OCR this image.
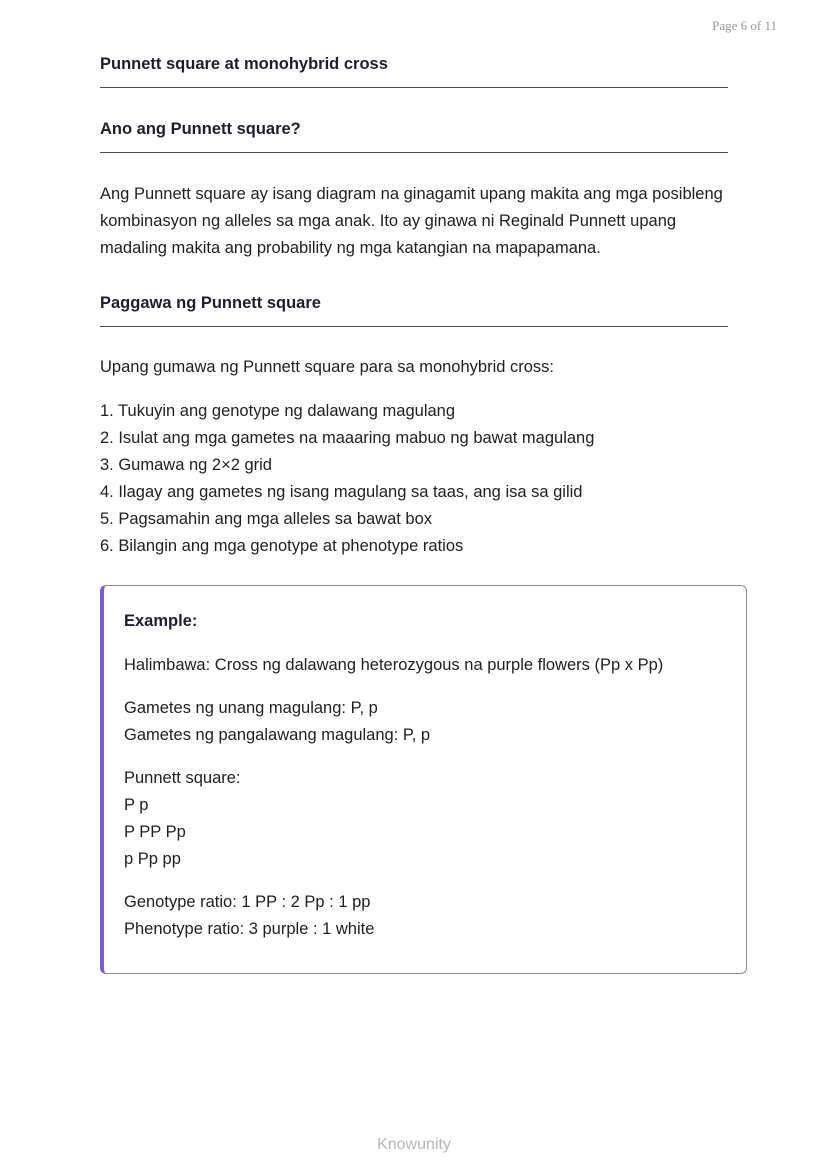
Page 6 of 11
Punnett square at monohybrid cross
Ano ang Punnett square?

Ang Punnett square ay isang diagram na ginagamit upang makita ang mga posibleng kombinasyon ng alleles sa mga anak. Ito ay ginawa ni Reginald Punnett upang madaling makita ang probability ng mga katangian na mapapamana.

Paggawa ng Punnett square

Upang gumawa ng Punnett square para sa monohybrid cross:

1. Tukuyin ang genotype ng dalawang magulang
2. Isulat ang mga gametes na maaaring mabuo ng bawat magulang
3. Gumawa ng 2×2 grid
4. Ilagay ang gametes ng isang magulang sa taas, ang isa sa gilid
5. Pagsamahin ang mga alleles sa bawat box
6. Bilangin ang mga genotype at phenotype ratios
Example:
Halimbawa: Cross ng dalawang heterozygous na purple flowers (Pp x Pp)
Gametes ng unang magulang: P, p
Gametes ng pangalawang magulang: P, p
Punnett square:
P p
P PP Pp
p Pp pp
Genotype ratio: 1 PP : 2 Pp : 1 pp
Phenotype ratio: 3 purple : 1 white
Knowunity
